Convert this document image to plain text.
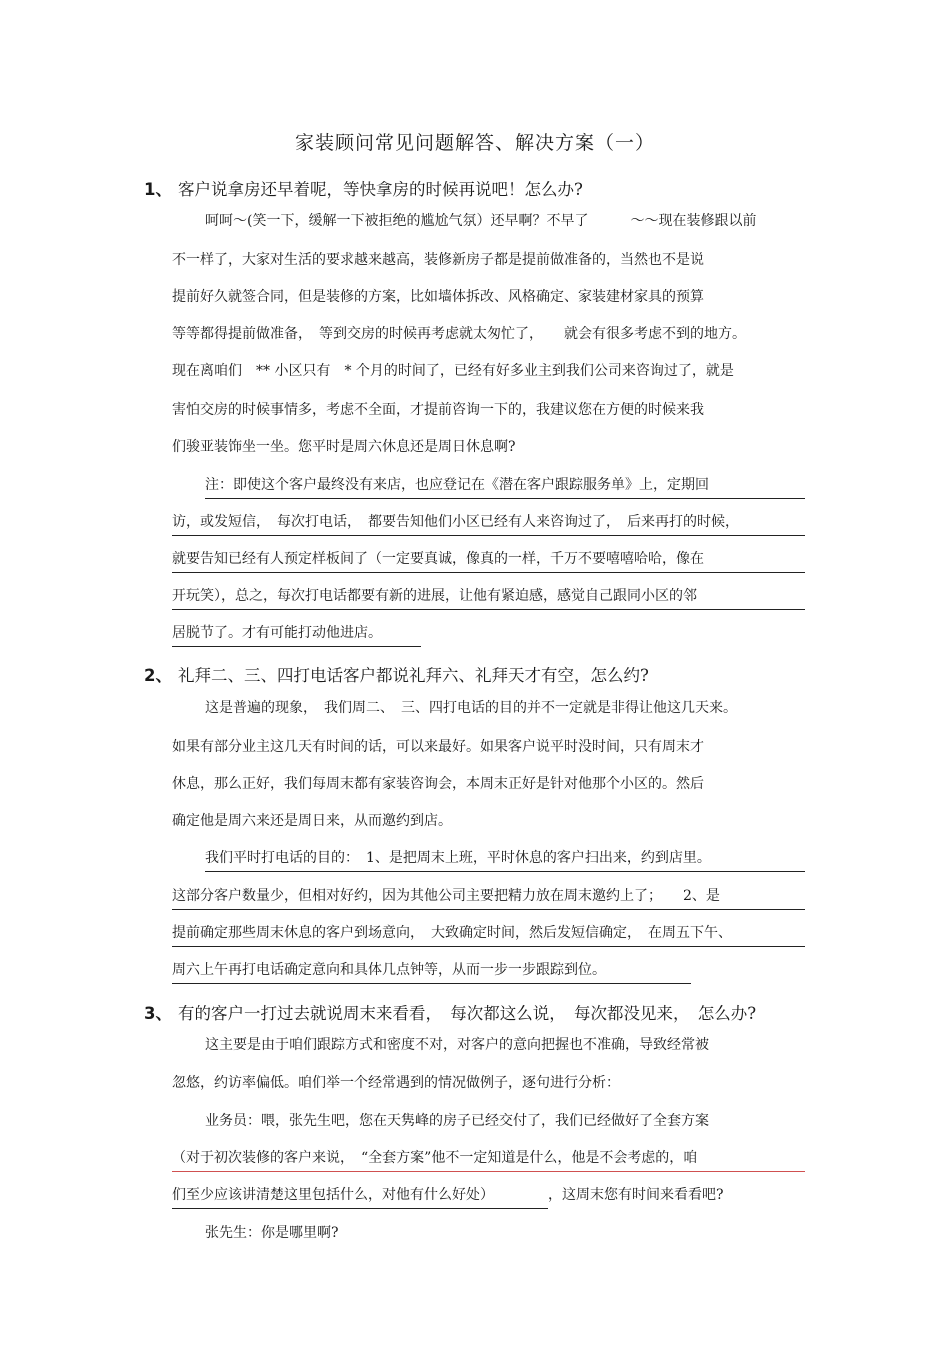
家装顾问常见问题解答、解决方案（一）
1、 客户说拿房还早着呢，等快拿房的时候再说吧！怎么办?
呵呵～(笑一下，缓解一下被拒绝的尴尬气氛）还早啊？不早了　　　～～现在装修跟以前
不一样了，大家对生活的要求越来越高，装修新房子都是提前做准备的，当然也不是说
提前好久就签合同，但是装修的方案，比如墙体拆改、风格确定、家装建材家具的预算
等等都得提前做准备，　等到交房的时候再考虑就太匆忙了，　　就会有很多考虑不到的地方。
现在离咱们　** 小区只有　* 个月的时间了，已经有好多业主到我们公司来咨询过了，就是
害怕交房的时候事情多，考虑不全面，才提前咨询一下的，我建议您在方便的时候来我
们骏亚装饰坐一坐。您平时是周六休息还是周日休息啊?
注：即使这个客户最终没有来店，也应登记在《潜在客户跟踪服务单》上，定期回
访，或发短信，　每次打电话，　都要告知他们小区已经有人来咨询过了，　后来再打的时候，
就要告知已经有人预定样板间了（一定要真诚，像真的一样，千万不要嘻嘻哈哈，像在
开玩笑），总之，每次打电话都要有新的进展，让他有紧迫感，感觉自己跟同小区的邻
居脱节了。才有可能打动他进店。
2、 礼拜二、三、四打电话客户都说礼拜六、礼拜天才有空，怎么约?
这是普遍的现象，　我们周二、　三、四打电话的目的并不一定就是非得让他这几天来。
如果有部分业主这几天有时间的话，可以来最好。如果客户说平时没时间，只有周末才
休息，那么正好，我们每周末都有家装咨询会，本周末正好是针对他那个小区的。然后
确定他是周六来还是周日来，从而邀约到店。
我们平时打电话的目的：　1、是把周末上班，平时休息的客户扫出来，约到店里。
这部分客户数量少，但相对好约，因为其他公司主要把精力放在周末邀约上了；　　2、是
提前确定那些周末休息的客户到场意向，　大致确定时间，然后发短信确定，　在周五下午、
周六上午再打电话确定意向和具体几点钟等，从而一步一步跟踪到位。
3、 有的客户一打过去就说周末来看看，　每次都这么说，　每次都没见来，　怎么办?
这主要是由于咱们跟踪方式和密度不对，对客户的意向把握也不准确，导致经常被
忽悠，约访率偏低。咱们举一个经常遇到的情况做例子，逐句进行分析：
业务员：喂，张先生吧，您在天隽峰的房子已经交付了，我们已经做好了全套方案
（对于初次装修的客户来说，　“全套方案”他不一定知道是什么，他是不会考虑的，咱
们至少应该讲清楚这里包括什么，对他有什么好处）	，这周末您有时间来看看吧?
张先生：你是哪里啊?
